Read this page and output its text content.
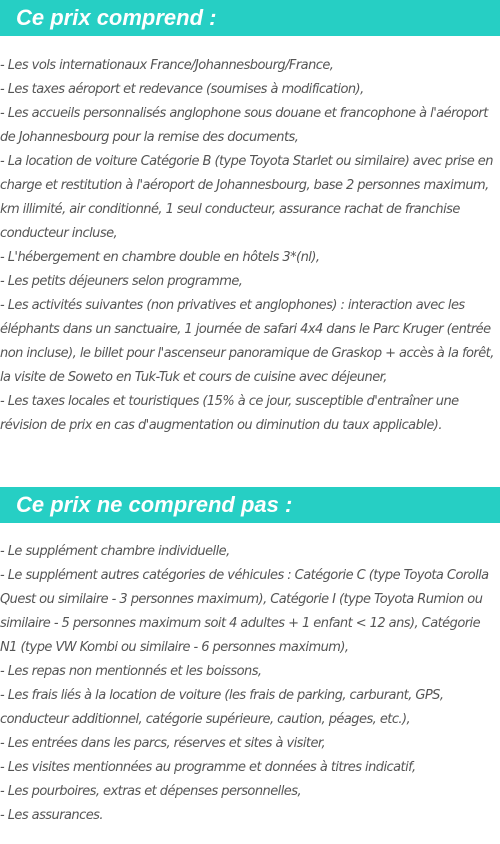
Ce prix comprend :
- Les vols internationaux France/Johannesbourg/France,
- Les taxes aéroport et redevance (soumises à modification),
- Les accueils personnalisés anglophone sous douane et francophone à l'aéroport de Johannesbourg pour la remise des documents,
- La location de voiture Catégorie B (type Toyota Starlet ou similaire) avec prise en charge et restitution à l'aéroport de Johannesbourg, base 2 personnes maximum, km illimité, air conditionné, 1 seul conducteur, assurance rachat de franchise conducteur incluse,
- L'hébergement en chambre double en hôtels 3*(nl),
- Les petits déjeuners selon programme,
- Les activités suivantes (non privatives et anglophones) : interaction avec les éléphants dans un sanctuaire, 1 journée de safari 4x4 dans le Parc Kruger (entrée non incluse), le billet pour l'ascenseur panoramique de Graskop + accès à la forêt, la visite de Soweto en Tuk-Tuk et cours de cuisine avec déjeuner,
- Les taxes locales et touristiques (15% à ce jour, susceptible d'entraîner une révision de prix en cas d'augmentation ou diminution du taux applicable).
Ce prix ne comprend pas :
- Le supplément chambre individuelle,
- Le supplément autres catégories de véhicules : Catégorie C (type Toyota Corolla Quest ou similaire - 3 personnes maximum), Catégorie I (type Toyota Rumion ou similaire - 5 personnes maximum soit 4 adultes + 1 enfant < 12 ans), Catégorie N1 (type VW Kombi ou similaire - 6 personnes maximum),
- Les repas non mentionnés et les boissons,
- Les frais liés à la location de voiture (les frais de parking, carburant, GPS, conducteur additionnel, catégorie supérieure, caution, péages, etc.),
- Les entrées dans les parcs, réserves et sites à visiter,
- Les visites mentionnées au programme et données à titres indicatif,
- Les pourboires, extras et dépenses personnelles,
- Les assurances.
